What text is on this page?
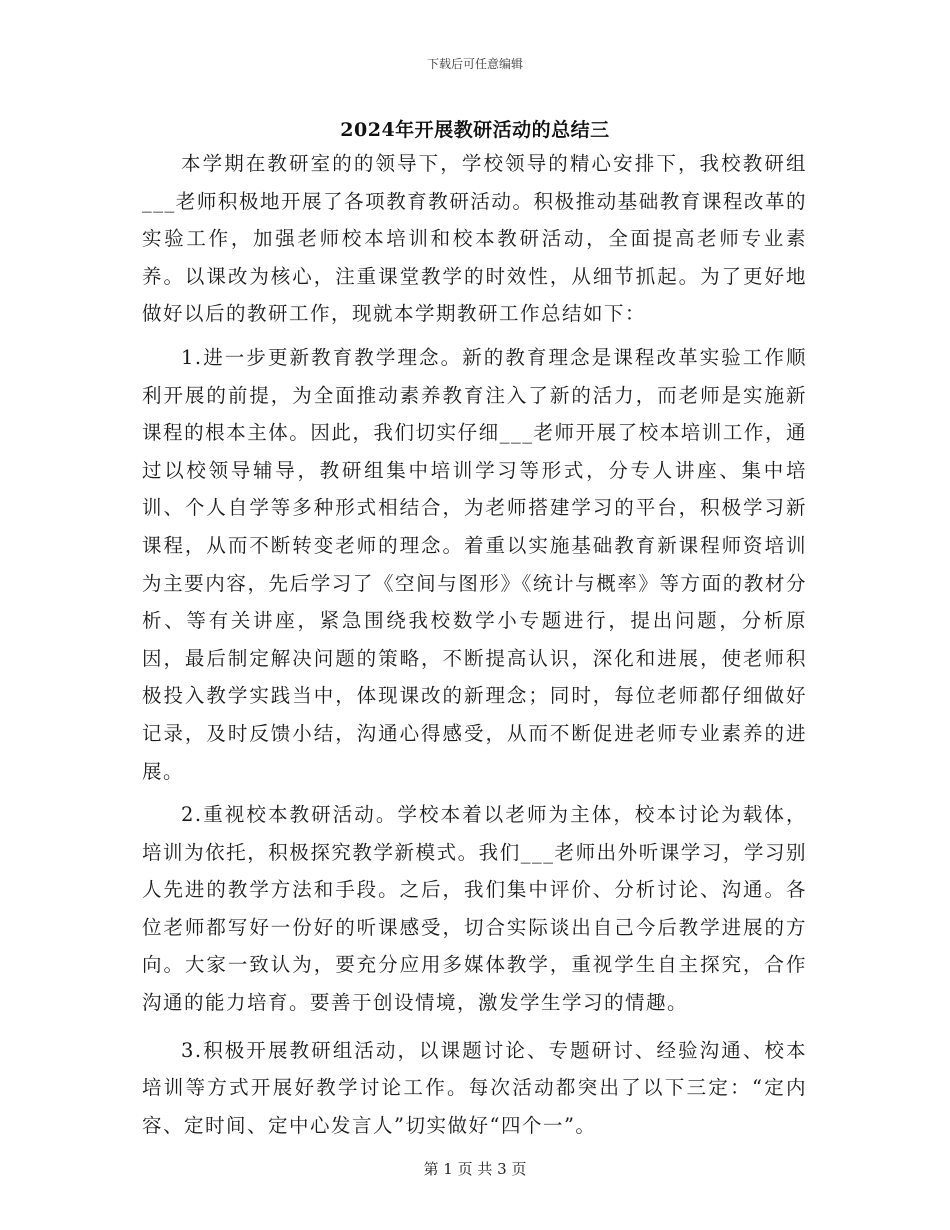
下载后可任意编辑
2024年开展教研活动的总结三

本学期在教研室的的领导下，学校领导的精心安排下，我校教研组___老师积极地开展了各项教育教研活动。积极推动基础教育课程改革的实验工作，加强老师校本培训和校本教研活动，全面提高老师专业素养。以课改为核心，注重课堂教学的时效性，从细节抓起。为了更好地做好以后的教研工作，现就本学期教研工作总结如下：

1.进一步更新教育教学理念。新的教育理念是课程改革实验工作顺利开展的前提，为全面推动素养教育注入了新的活力，而老师是实施新课程的根本主体。因此，我们切实仔细___老师开展了校本培训工作，通过以校领导辅导，教研组集中培训学习等形式，分专人讲座、集中培训、个人自学等多种形式相结合，为老师搭建学习的平台，积极学习新课程，从而不断转变老师的理念。着重以实施基础教育新课程师资培训为主要内容，先后学习了《空间与图形》《统计与概率》等方面的教材分析、等有关讲座，紧急围绕我校数学小专题进行，提出问题，分析原因，最后制定解决问题的策略，不断提高认识，深化和进展，使老师积极投入教学实践当中，体现课改的新理念；同时，每位老师都仔细做好记录，及时反馈小结，沟通心得感受，从而不断促进老师专业素养的进展。

2.重视校本教研活动。学校本着以老师为主体，校本讨论为载体，培训为依托，积极探究教学新模式。我们___老师出外听课学习，学习别人先进的教学方法和手段。之后，我们集中评价、分析讨论、沟通。各位老师都写好一份好的听课感受，切合实际谈出自己今后教学进展的方向。大家一致认为，要充分应用多媒体教学，重视学生自主探究，合作沟通的能力培育。要善于创设情境，激发学生学习的情趣。

3.积极开展教研组活动，以课题讨论、专题研讨、经验沟通、校本培训等方式开展好教学讨论工作。每次活动都突出了以下三定：“定内容、定时间、定中心发言人”切实做好“四个一”。

第 1 页 共 3 页
